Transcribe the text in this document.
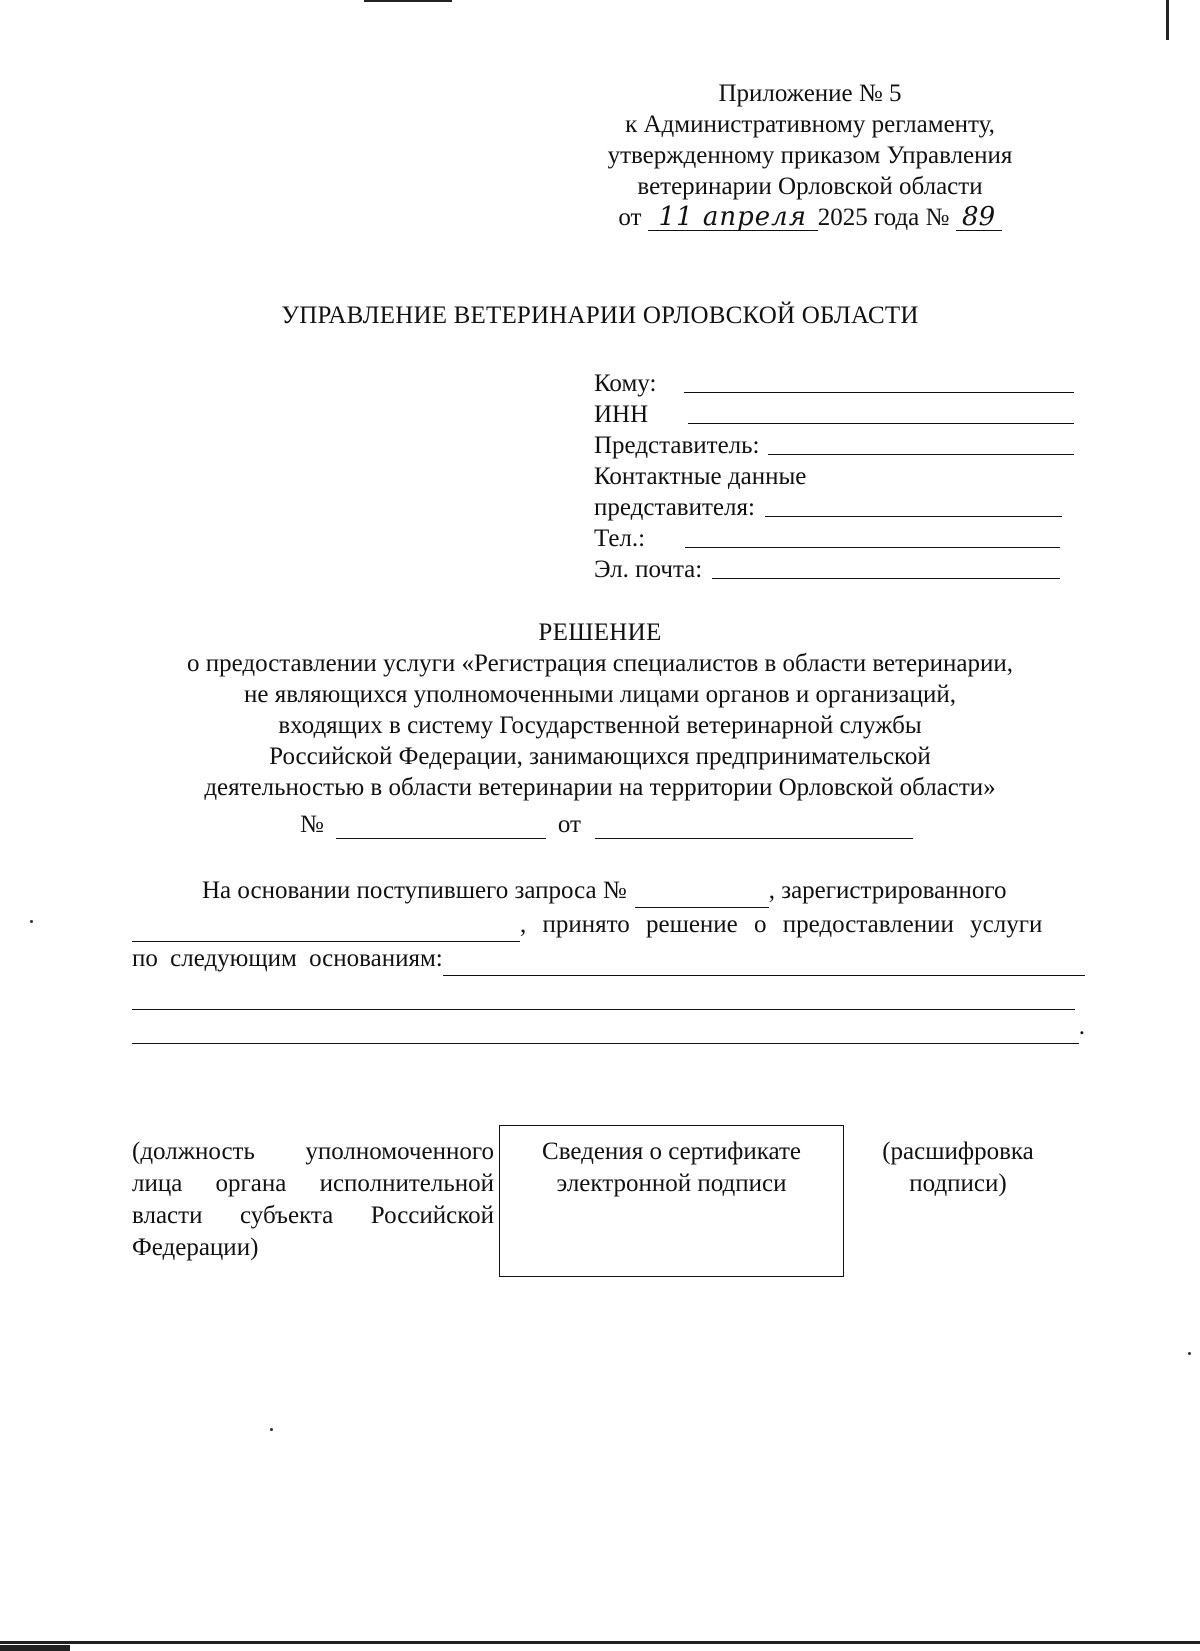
Приложение № 5
к Административному регламенту,
утвержденному приказом Управления
ветеринарии Орловской области
от 11 апреля 2025 года № 89
УПРАВЛЕНИЕ ВЕТЕРИНАРИИ ОРЛОВСКОЙ ОБЛАСТИ
Кому:
ИНН
Представитель:
Контактные данные
представителя:
Тел.:
Эл. почта:
РЕШЕНИЕ
о предоставлении услуги «Регистрация специалистов в области ветеринарии,
не являющихся уполномоченными лицами органов и организаций,
входящих в систему Государственной ветеринарной службы
Российской Федерации, занимающихся предпринимательской
деятельностью в области ветеринарии на территории Орловской области»
№	от
На основании поступившего запроса №	, зарегистрированного
, принято решение о предоставлении услуги
по следующим основаниям:
.
(должность уполномоченного
лица органа исполнительной
власти субъекта Российской
Федерации)
Сведения о сертификате
электронной подписи
(расшифровка
подписи)
